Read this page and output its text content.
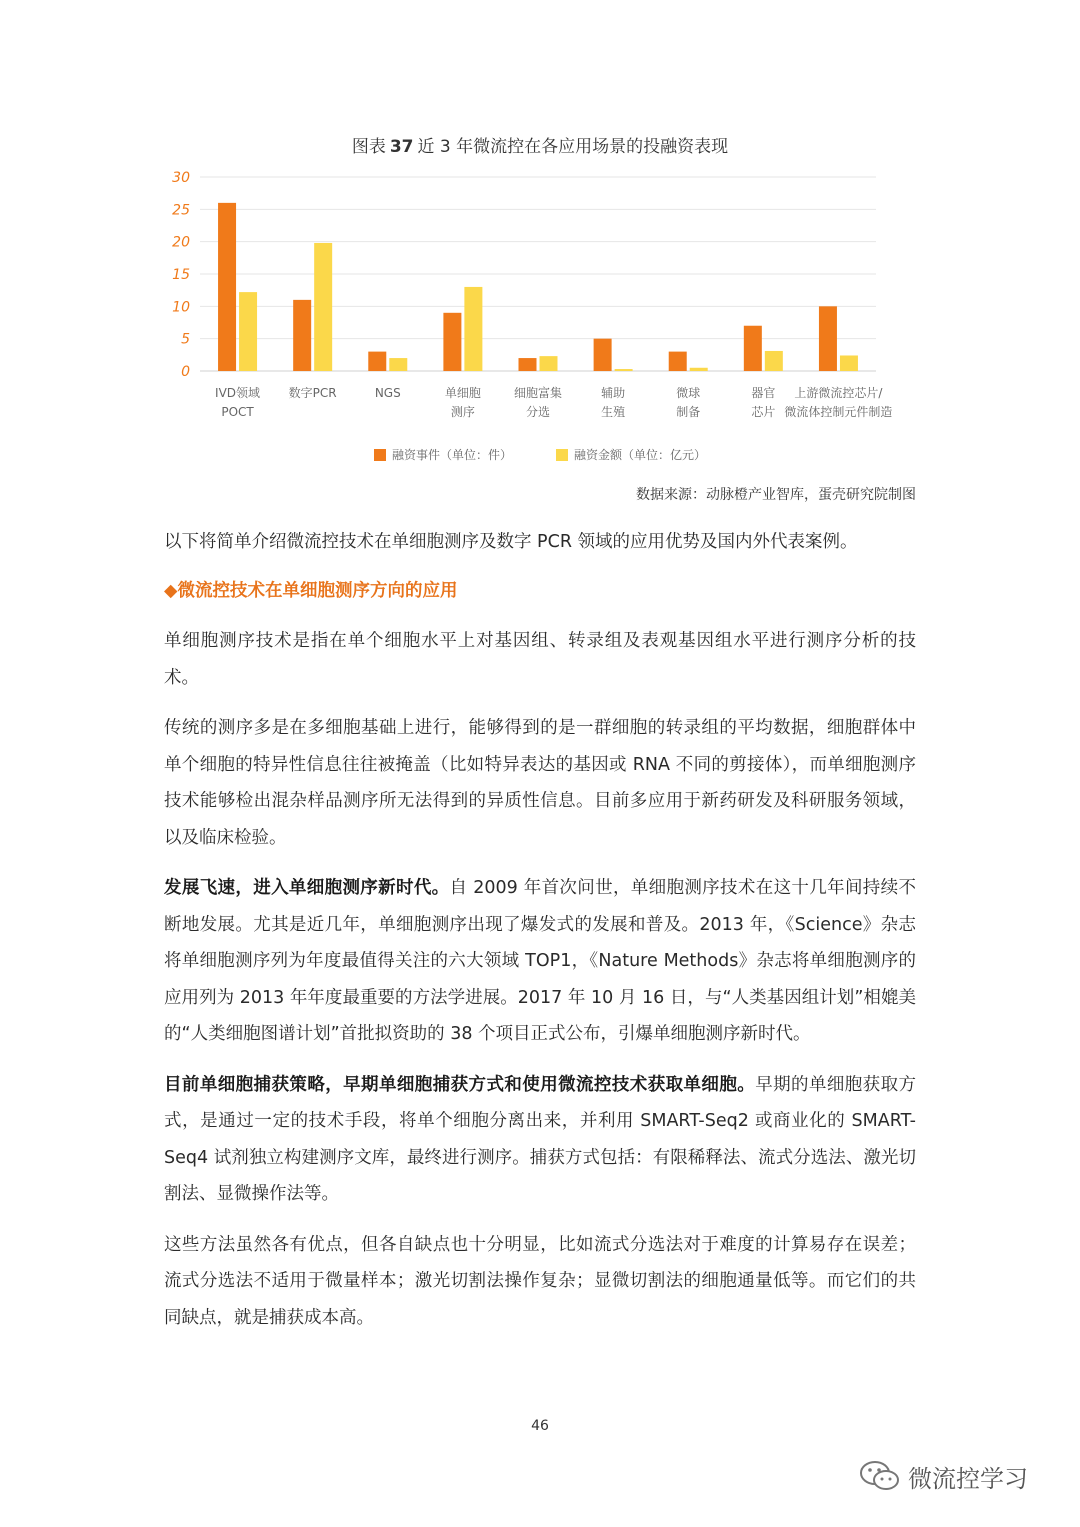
图表 37 近 3 年微流控在各应用场景的投融资表现
0
5
10
15
20
25
30
IVD领域
POCT
数字PCR	NGS	单细胞
测序
细胞富集
分选
辅助
生殖
微球
制备
器官
芯片
上游微流控芯片/
微流体控制元件制造
融资事件（单位：件）	融资金额（单位：亿元）
数据来源：动脉橙产业智库，蛋壳研究院制图

以下将简单介绍微流控技术在单细胞测序及数字 PCR 领域的应用优势及国内外代表案例。

◆微流控技术在单细胞测序方向的应用

单细胞测序技术是指在单个细胞水平上对基因组、转录组及表观基因组水平进行测序分析的技术。

传统的测序多是在多细胞基础上进行，能够得到的是一群细胞的转录组的平均数据，细胞群体中单个细胞的特异性信息往往被掩盖（比如特异表达的基因或 RNA 不同的剪接体），而单细胞测序技术能够检出混杂样品测序所无法得到的异质性信息。目前多应用于新药研发及科研服务领域，以及临床检验。

发展飞速，进入单细胞测序新时代。自 2009 年首次问世，单细胞测序技术在这十几年间持续不断地发展。尤其是近几年，单细胞测序出现了爆发式的发展和普及。2013 年，《Science》杂志将单细胞测序列为年度最值得关注的六大领域 TOP1，《Nature Methods》杂志将单细胞测序的应用列为 2013 年年度最重要的方法学进展。2017 年 10 月 16 日，与“人类基因组计划”相媲美的“人类细胞图谱计划”首批拟资助的 38 个项目正式公布，引爆单细胞测序新时代。

目前单细胞捕获策略，早期单细胞捕获方式和使用微流控技术获取单细胞。早期的单细胞获取方式，是通过一定的技术手段，将单个细胞分离出来，并利用 SMART-Seq2 或商业化的 SMART-Seq4 试剂独立构建测序文库，最终进行测序。捕获方式包括：有限稀释法、流式分选法、激光切割法、显微操作法等。

这些方法虽然各有优点，但各自缺点也十分明显，比如流式分选法对于难度的计算易存在误差；流式分选法不适用于微量样本；激光切割法操作复杂；显微切割法的细胞通量低等。而它们的共同缺点，就是捕获成本高。

46
微流控学习
